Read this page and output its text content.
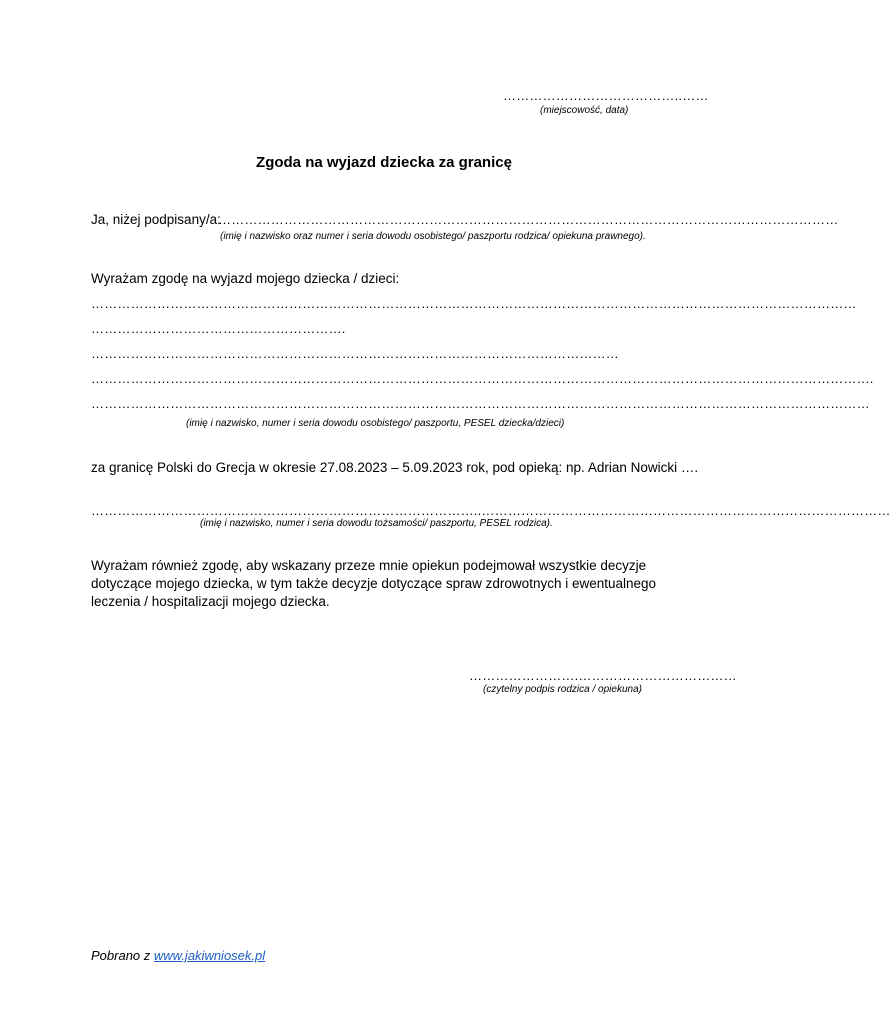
…………………………………..……
(miejscowość, data)
Zgoda na wyjazd dziecka za granicę
Ja, niżej podpisany/a:
……………………………………………………………………………………………………………………………
(imię i nazwisko oraz numer i seria dowodu osobistego/ paszportu rodzica/ opiekuna prawnego).
Wyrażam zgodę na wyjazd mojego dziecka / dzieci:
…………………………………………………………………………………………………………………………………………………………
………………………………………………….
…………………………………………………………………………………………………………
…………………………………………………………………………………………………………………………………………………………….
……………………………………………………………………………………………………………………………………………………………
(imię i nazwisko, numer i seria dowodu osobistego/ paszportu, PESEL dziecka/dzieci)
za granicę Polski do Grecja w okresie 27.08.2023 – 5.09.2023 rok, pod opieką: np. Adrian Nowicki ….
……………………………………………………………………………..…………………………………………………………………………………
(imię i nazwisko, numer i seria dowodu tożsamości/ paszportu, PESEL rodzica).
Wyrażam również zgodę, aby wskazany przeze mnie opiekun podejmował wszystkie decyzje dotyczące mojego dziecka, w tym także decyzje dotyczące spraw zdrowotnych i ewentualnego leczenia / hospitalizacji mojego dziecka.
…………………….………………………………
(czytelny podpis rodzica / opiekuna)
Pobrano z www.jakiwniosek.pl
